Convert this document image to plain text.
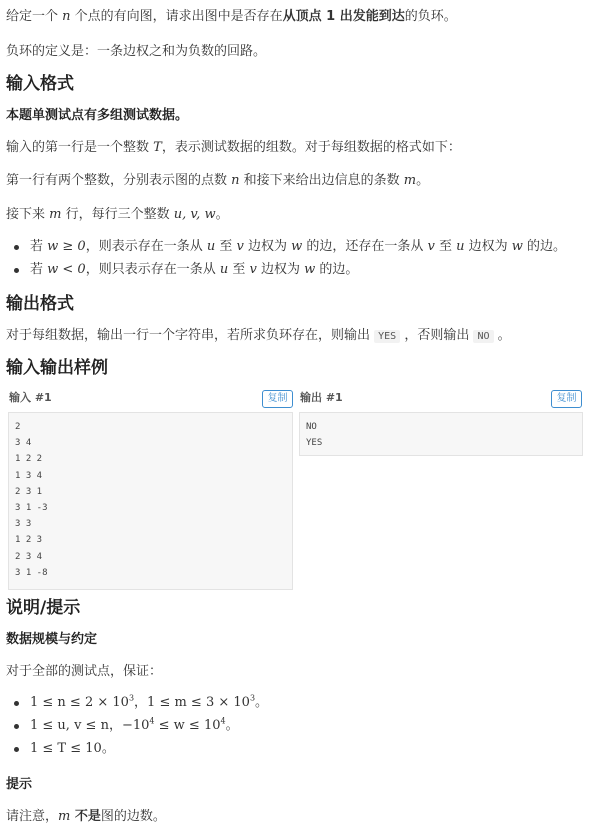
给定一个 n 个点的有向图，请求出图中是否存在从顶点 1 出发能到达的负环。

负环的定义是：一条边权之和为负数的回路。

输入格式
本题单测试点有多组测试数据。

输入的第一行是一个整数 T，表示测试数据的组数。对于每组数据的格式如下：

第一行有两个整数，分别表示图的点数 n 和接下来给出边信息的条数 m。

接下来 m 行，每行三个整数 u, v, w。

若 w ≥ 0，则表示存在一条从 u 至 v 边权为 w 的边，还存在一条从 v 至 u 边权为 w 的边。
若 w < 0，则只表示存在一条从 u 至 v 边权为 w 的边。
输出格式

对于每组数据，输出一行一个字符串，若所求负环存在，则输出 YES ，否则输出 NO 。

输入输出样例
输入 #1	复制	输出 #1	复制
2
3 4
1 2 2
1 3 4
2 3 1
3 1 -3
3 3
1 2 3
2 3 4
3 1 -8
NO
YES
说明/提示
数据规模与约定

对于全部的测试点，保证：

$1 \le n \le 2 \times 10^3$，$1 \le m \le 3 \times 10^3$。
1 ≤ u, v ≤ n，$-10^4 \le w \le 10^4$。
1 ≤ T ≤ 10。
提示

请注意，m 不是图的边数。
